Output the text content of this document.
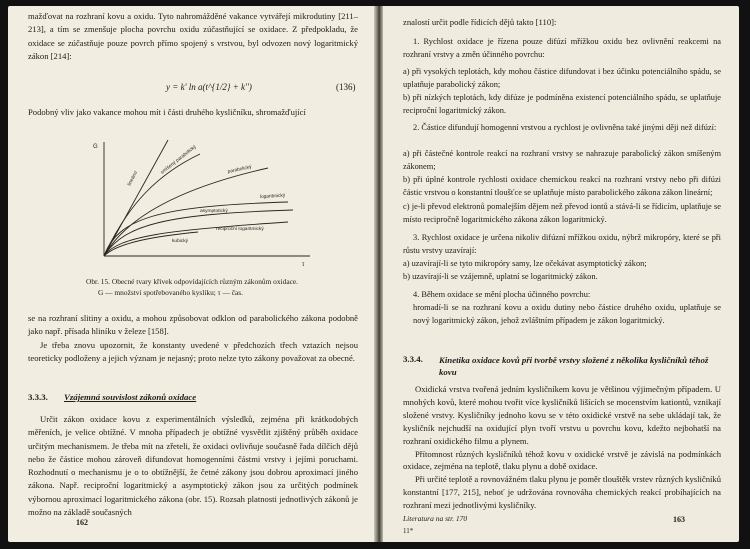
mažďovat na rozhraní kovu a oxidu. Tyto nahromážděné vakance vytvářejí mikrodutiny [211–213], a tím se zmenšuje plocha povrchu oxidu zúčastňující se oxidace. Z předpokladu, že oxidace se zúčastňuje pouze povrch přímo spojený s vrstvou, byl odvozen nový logaritmický zákon [214]:

y = k' ln a(t^{1/2} + k'')	(136)

Podobný vliv jako vakance mohou mít i části druhého kysličníku, shromažďující

G
τ
lineární
smíšený parabolický	parabolický
logaritmický
asymptotický
reciproční logaritmický
kubický
Obr. 15. Obecné tvary křivek odpovídajících různým zákonům oxidace.
G — množství spotřebovaného kyslíku; τ — čas.

se na rozhraní slitiny a oxidu, a mohou způsobovat odklon od parabolického zákona podobně jako např. přísada hliníku v železe [158].

Je třeba znovu upozornit, že konstanty uvedené v předchozích třech vztazích nejsou teoreticky podloženy a jejich význam je nejasný; proto nelze tyto zákony považovat za obecné.

3.3.3. Vzájemná souvislost zákonů oxidace

Určit zákon oxidace kovu z experimentálních výsledků, zejména při krátkodobých měřeních, je velice obtížné. V mnoha případech je obtížné vysvětlit zjištěný průběh oxidace určitým mechanismem. Je třeba mít na zřeteli, že oxidaci ovlivňuje současně řada dílčích dějů nebo že částice mohou zároveň difundovat homogenními částmi vrstvy i jejími poruchami. Rozhodnutí o mechanismu je o to obtížnější, že četné zákony jsou dobrou aproximací jiného zákona. Např. reciproční logaritmický a asymptotický zákon jsou za určitých podmínek výbornou aproximací logaritmického zákona (obr. 15). Rozsah platnosti jednotlivých zákonů je možno na základě současných

162

znalostí určit podle řídicích dějů takto [110]:

1. Rychlost oxidace je řízena pouze difúzí mřížkou oxidu bez ovlivnění reakcemi na rozhraní vrstvy a změn účinného povrchu:
a) při vysokých teplotách, kdy mohou částice difundovat i bez účinku potenciálního spádu, se uplatňuje parabolický zákon;
b) při nízkých teplotách, kdy difúze je podmíněna existencí potenciálního spádu, se uplatňuje reciproční logaritmický zákon.
2. Částice difundují homogenní vrstvou a rychlost je ovlivněna také jinými ději než difúzí:
a) při částečné kontrole reakcí na rozhraní vrstvy se nahrazuje parabolický zákon smíšeným zákonem;
b) při úplné kontrole rychlosti oxidace chemickou reakcí na rozhraní vrstvy nebo při difúzi částic vrstvou o konstantní tloušťce se uplatňuje místo parabolického zákona zákon lineární;
c) je-li převod elektronů pomalejším dějem než převod iontů a stává-li se řídicím, uplatňuje se místo recipročně logaritmického zákona zákon logaritmický.
3. Rychlost oxidace je určena nikoliv difúzní mřížkou oxidu, nýbrž mikropóry, které se při růstu vrstvy uzavírají:
a) uzavírají-li se tyto mikropóry samy, lze očekávat asymptotický zákon;
b) uzavírají-li se vzájemně, uplatní se logaritmický zákon.
4. Během oxidace se mění plocha účinného povrchu:
hromadí-li se na rozhraní kovu a oxidu dutiny nebo částice druhého oxidu, uplatňuje se nový logaritmický zákon, jehož zvláštním případem je zákon logaritmický.
3.3.4. Kinetika oxidace kovů při tvorbě vrstvy složené z několika kysličníků téhož kovu

Oxidická vrstva tvořená jedním kysličníkem kovu je většinou výjimečným případem. U mnohých kovů, které mohou tvořit více kysličníků lišících se mocenstvím kationtů, vznikají složené vrstvy. Kysličníky jednoho kovu se v této oxidické vrstvě na sebe ukládají tak, že kysličník nejchudší na oxidující plyn tvoří vrstvu u povrchu kovu, kdežto nejbohatší na rozhraní oxidického filmu a plynem.

Přítomnost různých kysličníků téhož kovu v oxidické vrstvě je závislá na podmínkách oxidace, zejména na teplotě, tlaku plynu a době oxidace.

Při určité teplotě a rovnovážném tlaku plynu je poměr tlouštěk vrstev různých kysličníků konstantní [177, 215], neboť je udržována rovnováha chemických reakcí probíhajících na rozhraní mezi jednotlivými kysličníky.

Literatura na str. 170
11*
163
